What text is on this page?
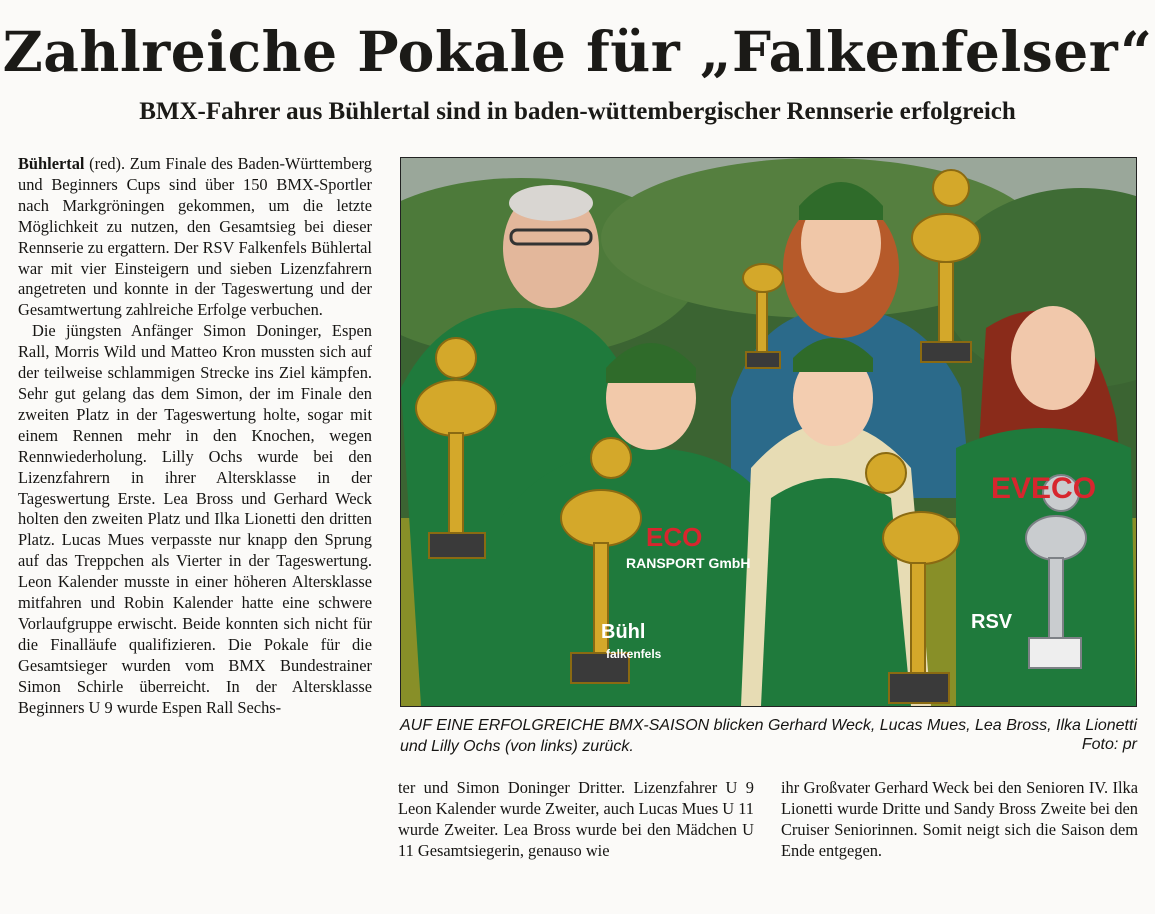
Zahlreiche Pokale für „Falkenfelser“
BMX-Fahrer aus Bühlertal sind in baden-wüttembergischer Rennserie erfolgreich

Bühlertal (red). Zum Finale des Baden-Württemberg und Beginners Cups sind über 150 BMX-Sportler nach Markgröningen gekommen, um die letzte Möglichkeit zu nutzen, den Gesamtsieg bei dieser Rennserie zu ergattern. Der RSV Falkenfels Bühlertal war mit vier Einsteigern und sieben Lizenzfahrern angetreten und konnte in der Tageswertung und der Gesamtwertung zahlreiche Erfolge verbuchen.

Die jüngsten Anfänger Simon Doninger, Espen Rall, Morris Wild und Matteo Kron mussten sich auf der teilweise schlammigen Strecke ins Ziel kämpfen. Sehr gut gelang das dem Simon, der im Finale den zweiten Platz in der Tageswertung holte, sogar mit einem Rennen mehr in den Knochen, wegen Rennwiederholung. Lilly Ochs wurde bei den Lizenzfahrern in ihrer Altersklasse in der Tageswertung Erste. Lea Bross und Gerhard Weck holten den zweiten Platz und Ilka Lionetti den dritten Platz. Lucas Mues verpasste nur knapp den Sprung auf das Treppchen als Vierter in der Tageswertung. Leon Kalender musste in einer höheren Altersklasse mitfahren und Robin Kalender hatte eine schwere Vorlaufgruppe erwischt. Beide konnten sich nicht für die Finalläufe qualifizieren. Die Pokale für die Gesamtsieger wurden vom BMX Bundestrainer Simon Schirle überreicht. In der Altersklasse Beginners U 9 wurde Espen Rall Sechs-

Bühl
falkenfels
ECO
RANSPORT GmbH
RSV
EVECO
AUF EINE ERFOLGREICHE BMX-SAISON blicken Gerhard Weck, Lucas Mues, Lea Bross, Ilka Lionetti und Lilly Ochs (von links) zurück.	Foto: pr

ter und Simon Doninger Dritter. Lizenzfahrer U 9 Leon Kalender wurde Zweiter, auch Lucas Mues U 11 wurde Zweiter. Lea Bross wurde bei den Mädchen U 11 Gesamtsiegerin, genauso wie

ihr Großvater Gerhard Weck bei den Senioren IV. Ilka Lionetti wurde Dritte und Sandy Bross Zweite bei den Cruiser Seniorinnen. Somit neigt sich die Saison dem Ende entgegen.
